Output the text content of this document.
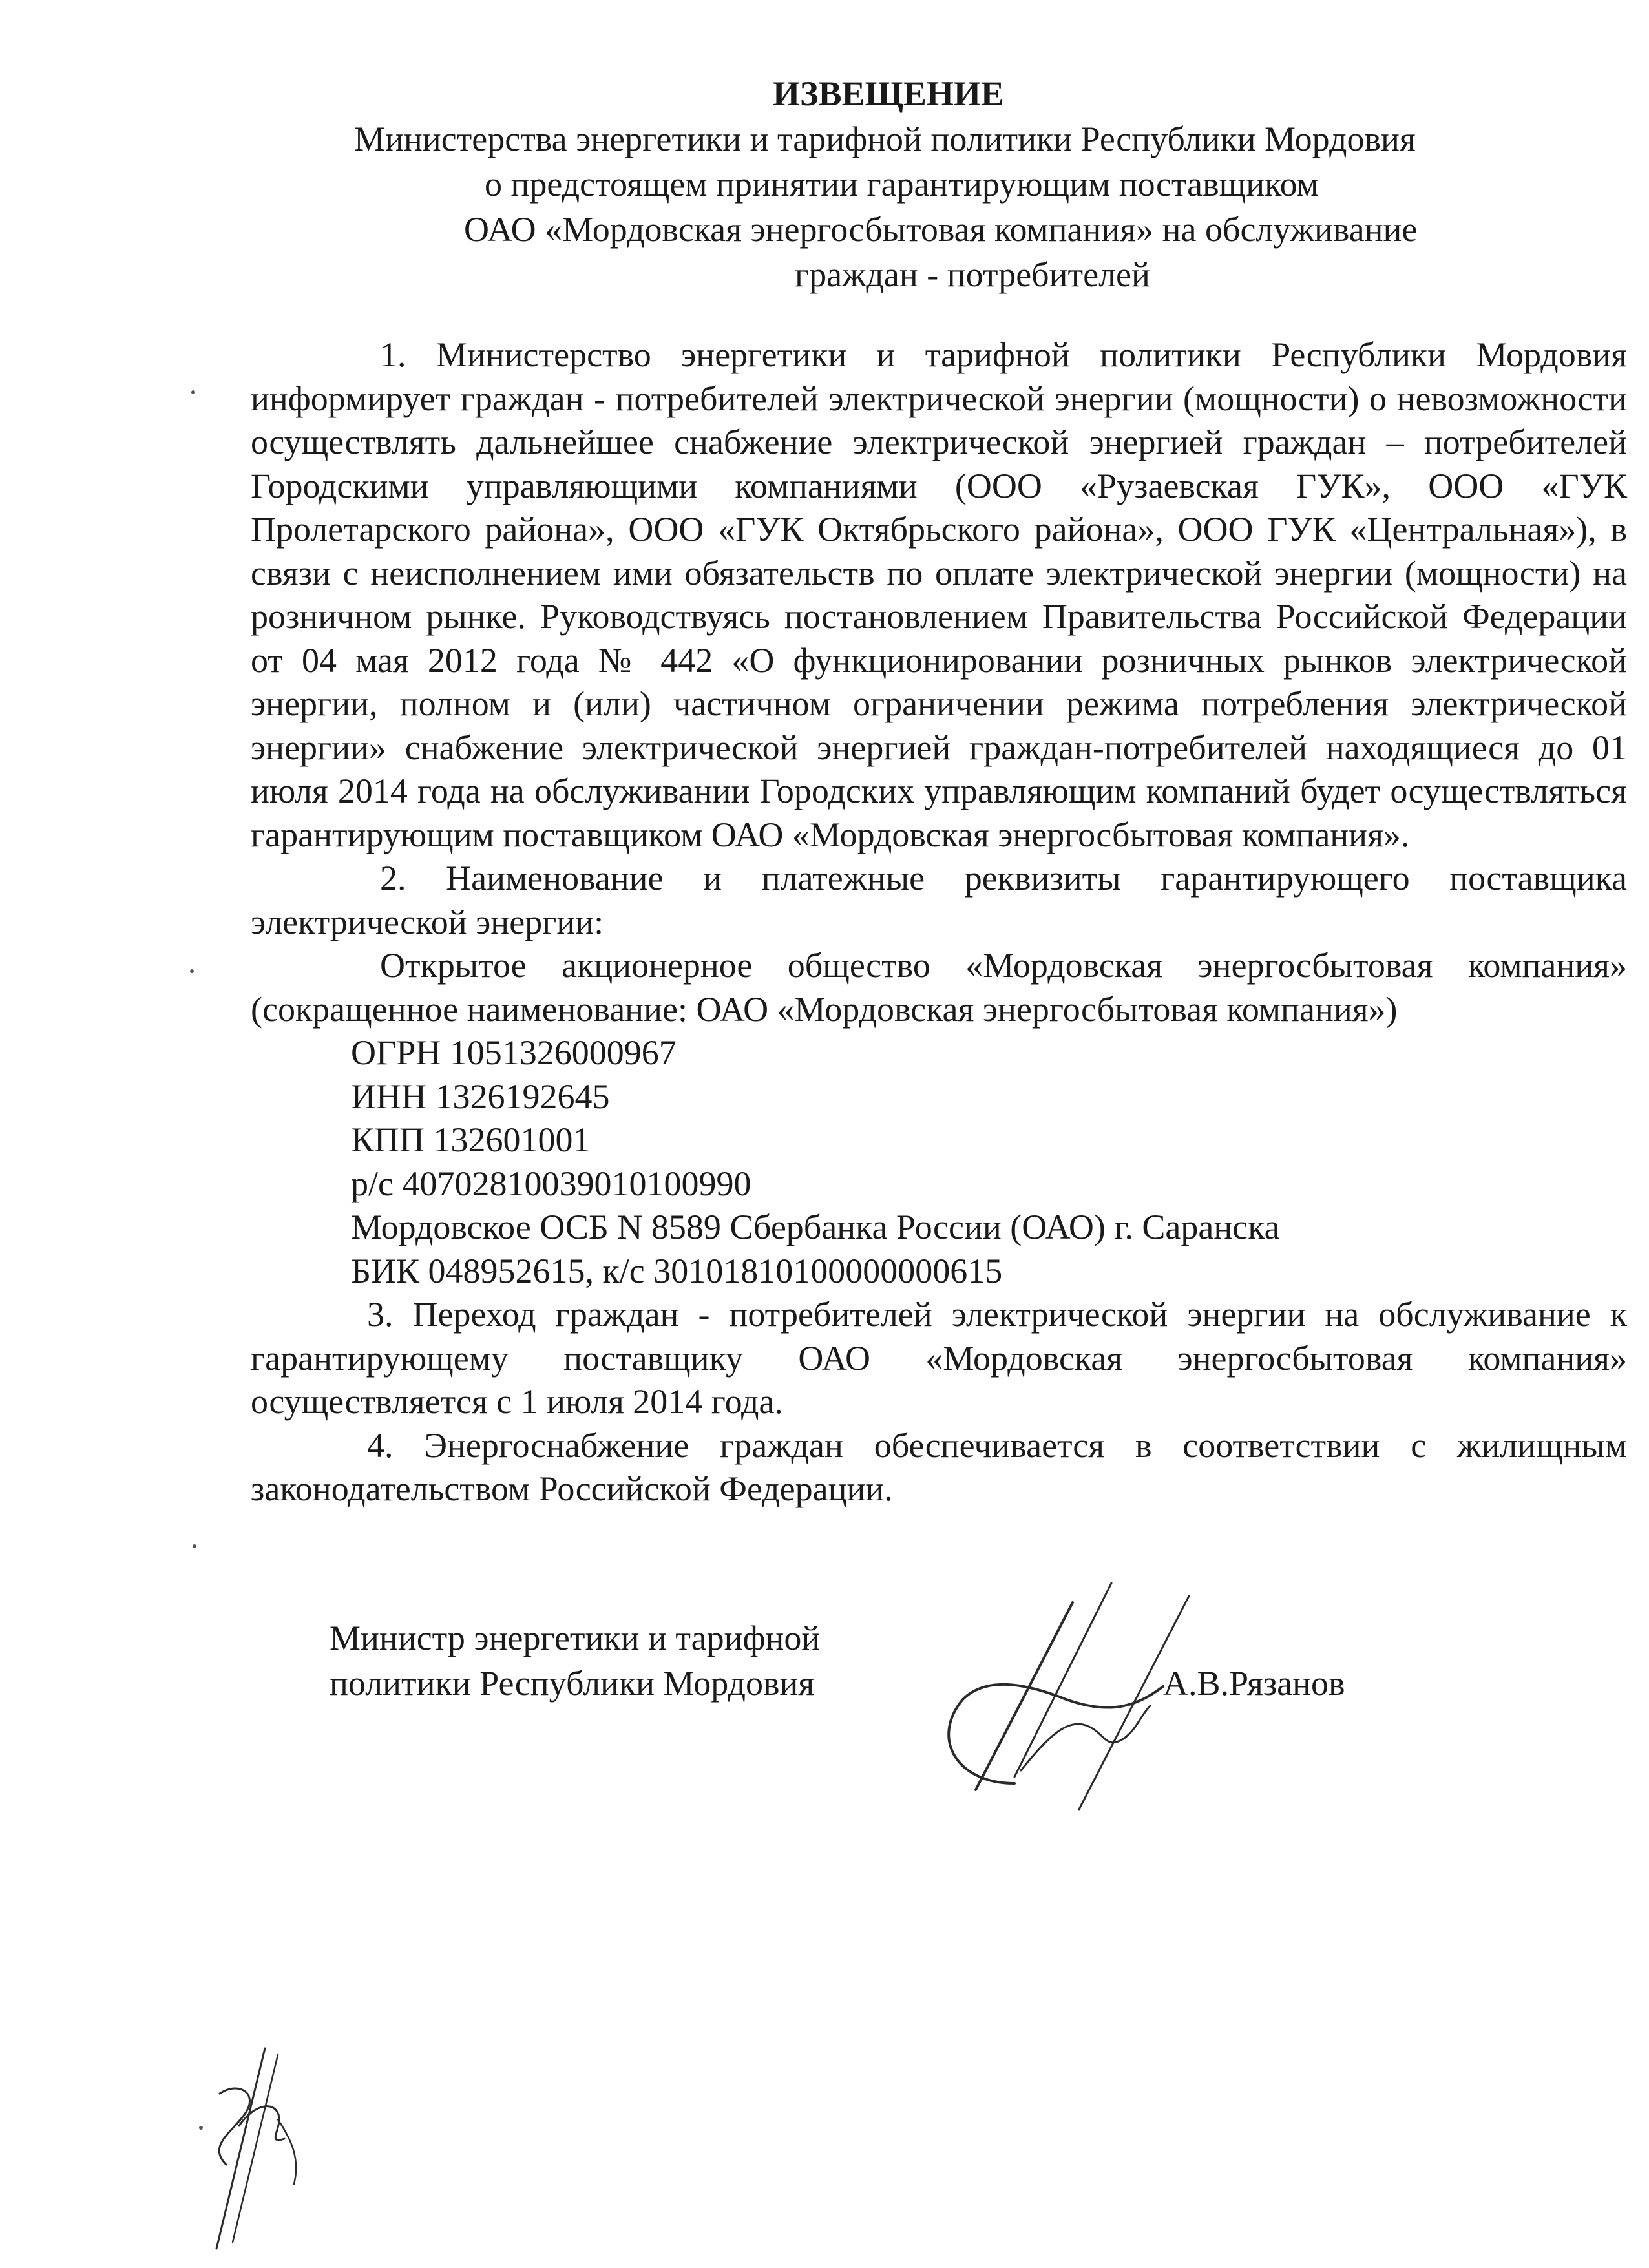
ИЗВЕЩЕНИЕ
Министерства энергетики и тарифной политики Республики Мордовия
о предстоящем принятии гарантирующим поставщиком
ОАО «Мордовская энергосбытовая компания» на обслуживание
граждан - потребителей

1. Министерство энергетики и тарифной политики Республики Мордовия информирует граждан - потребителей электрической энергии (мощности) о невозможности осуществлять дальнейшее снабжение электрической энергией граждан – потребителей Городскими управляющими компаниями (ООО «Рузаевская ГУК», ООО «ГУК Пролетарского района», ООО «ГУК Октябрьского района», ООО ГУК «Центральная»), в связи с неисполнением ими обязательств по оплате электрической энергии (мощности) на розничном рынке. Руководствуясь постановлением Правительства Российской Федерации от 04 мая 2012 года № 442 «О функционировании розничных рынков электрической энергии, полном и (или) частичном ограничении режима потребления электрической энергии» снабжение электрической энергией граждан-потребителей находящиеся до 01 июля 2014 года на обслуживании Городских управляющим компаний будет осуществляться гарантирующим поставщиком ОАО «Мордовская энергосбытовая компания».

2. Наименование и платежные реквизиты гарантирующего поставщика электрической энергии:

Открытое акционерное общество «Мордовская энергосбытовая компания» (сокращенное наименование: ОАО «Мордовская энергосбытовая компания»)

ОГРН 1051326000967

ИНН 1326192645

КПП 132601001

р/с 40702810039010100990

Мордовское ОСБ N 8589 Сбербанка России (ОАО) г. Саранска

БИК 048952615, к/с 30101810100000000615

3. Переход граждан - потребителей электрической энергии на обслуживание к гарантирующему поставщику ОАО «Мордовская энергосбытовая компания» осуществляется с 1 июля 2014 года.

4. Энергоснабжение граждан обеспечивается в соответствии с жилищным законодательством Российской Федерации.

Министр энергетики и тарифной
политики Республики Мордовия	А.В.Рязанов
